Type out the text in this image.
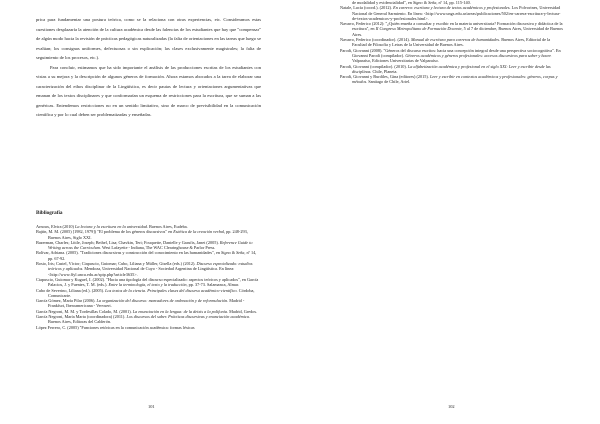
prica para fundamentar una postura teórica, como se la relaciona con otras experiencias, etc. Consideramos estas cuestiones desplazaría la atención de la cultura académica desde las falencias de los estudiantes que hay que "compensar" de algún modo hacia la revisión de prácticas pedagógicas naturalizadas (la falta de orientaciones en las tareas que luego se evalúan; los consignas uniformes, defectuosas o sin explicación; las clases exclusivamente magistrales; la falta de seguimiento de los procesos, etc.).

Para concluir, estimamos que ha sido importante el análisis de las producciones escritas de los estudiantes con vistas a su mejora y la descripción de algunos géneros de formación. Ahora estamos abocados a la tarea de elaborar una caracterización del ethos disciplinar de la Lingüística, es decir pautas de lectura y orientaciones argumentativas que emanan de los textos disciplinares y que conformarían un esquema de restricciones para la escritura, que se suman a las genéricas. Entendemos restricciones no en un sentido limitativo, sino de marco de previsibilidad en la comunicación científica y por lo cual deben ser problematizadas y enseñadas.

Bibliografía

Arnoux, Elvira (2010) La lectura y la escritura en la universidad. Buenos Aires, Eudeba.

Bajtín, M. M. (2005) [1982, 1979]) "El problema de los géneros discursivos" en Estética de la creación verbal, pp. 248-293, Buenos Aires, Siglo XXI.

Bazerman, Charles; Little, Joseph; Bethel, Lisa; Chavkin, Teri; Fouquette, Danielle y Garufis, Janet (2005). Reference Guide to Writing across the Curriculum. West Lafayette - Indiana, The WAC Clearinghouse & Parlor Press.

Bolívar, Adriana. (2005). "Tradiciones discursivas y construcción del conocimiento en las humanidades", en Signo & Seña, nº 14, pp. 67-92.

Bosio, Iris; Castel, Víctor; Ciapuscio, Guiomar; Cubo, Liliana y Müller, Gisella (eds.) (2012). Discurso especializado: estudios teóricos y aplicados. Mendoza, Universidad Nacional de Cuyo - Sociedad Argentina de Lingüística. En línea: <http://www.ffyl.uncu.edu.ar/spip.php?article3635>.

Ciapuscio, Guiomar y Kuguel, I. (2002). "Hacia una tipología del discurso especializado: aspectos teóricos y aplicados", en García Palacios, J. y Fuentes, T. M. (eds.). Entre la terminología, el texto y la traducción, pp. 37-73. Salamanca, Almar.

Cubo de Severino, Liliana (ed.). (2005). Los textos de la ciencia. Principales clases del discurso académico-científico. Córdoba, Comunicarte.

García Gómez, María Pilar (2006). La organización del discurso: marcadores de ordenación y de reformulación. Madrid - Frankfurt, Iberoamericana - Vervuert.

García Negroni, M. M. y Tordesillas Colado, M. (2001). La enunciación en la lengua: de la deixis a la polifonía. Madrid, Gredos.

García Negroni, María Marta (coordinadora) (2011). Los discursos del saber. Prácticas discursivas y enunciación académica. Buenos Aires, Editoras del Calderón.

López Ferrero, C. (2005) "Funciones retóricas en la comunicación académica: formas léxicas

101

de modalidad y evidencialidad", en Signo & Seña, nº 14, pp. 115-140.

Natale, Lucía (coord.). (2012). En carrera: escritura y lectura de textos académicos y profesionales. Los Polvorines, Universidad Nacional de General Sarmiento. En línea: <http://www.ungs.edu.ar/areas/publicaciones/502/en-carrera-escritura-y-lectura-de-textos-academicos-y-profesionales.html>.

Navarro, Federico (2012): "¿Quién enseña a consultar y escribir en la materia universitaria? Formación discursiva y didáctica de la escritura", en II Congreso Metropolitano de Formación Docente, 5 al 7 de diciembre, Buenos Aires, Universidad de Buenos Aires.

Navarro, Federico (coordinador). (2014). Manual de escritura para carreras de humanidades. Buenos Aires, Editorial de la Facultad de Filosofía y Letras de la Universidad de Buenos Aires.

Parodi, Giovanni (2008). "Géneros del discurso escritos: hacia una concepción integral desde una perspectiva sociocognitiva". En Giovanni Parodi (compilador). Géneros académicos y géneros profesionales: accesos discursivos para saber y hacer. Valparaíso, Ediciones Universitarias de Valparaíso.

Parodi, Giovanni (compilador). (2010). La alfabetización académica y profesional en el siglo XXI: Leer y escribir desde las disciplinas. Chile, Planeta.

Parodi, Giovanni y Burdiles, Gina (editores) (2015). Leer y escribir en contextos académicos y profesionales: géneros, corpus y métodos. Santiago de Chile, Ariel.

102
